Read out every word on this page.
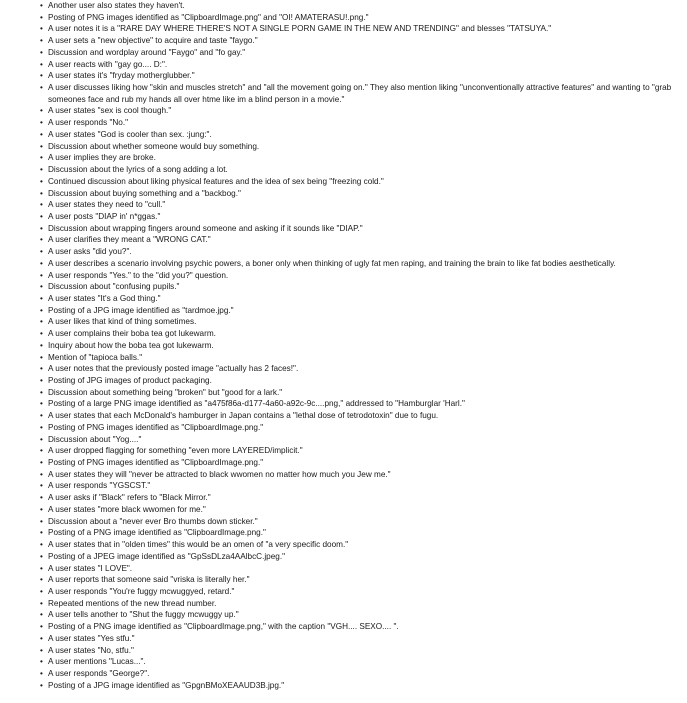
• Another user also states they haven't.
• Posting of PNG images identified as "ClipboardImage.png" and "OI! AMATERASU!.png."
• A user notes it is a "RARE DAY WHERE THERE'S NOT A SINGLE PORN GAME IN THE NEW AND TRENDING" and blesses "TATSUYA."
• A user sets a "new objective" to acquire and taste "faygo."
• Discussion and wordplay around "Faygo" and "fo gay."
• A user reacts with "gay go.... D:".
• A user states it's "fryday motherglubber."
• A user discusses liking how "skin and muscles stretch" and "all the movement going on." They also mention liking "unconventionally attractive features" and wanting to "grab someones face and rub my hands all over htme like im a blind person in a movie."
• A user states "sex is cool though."
• A user responds "No."
• A user states "God is cooler than sex. :jung:".
• Discussion about whether someone would buy something.
• A user implies they are broke.
• Discussion about the lyrics of a song adding a lot.
• Continued discussion about liking physical features and the idea of sex being "freezing cold."
• Discussion about buying something and a "backbog."
• A user states they need to "cull."
• A user posts "DIAP in' n*ggas."
• Discussion about wrapping fingers around someone and asking if it sounds like "DIAP."
• A user clarifies they meant a "WRONG CAT."
• A user asks "did you?".
• A user describes a scenario involving psychic powers, a boner only when thinking of ugly fat men raping, and training the brain to like fat bodies aesthetically.
• A user responds "Yes." to the "did you?" question.
• Discussion about "confusing pupils."
• A user states "It's a God thing."
• Posting of a JPG image identified as "tardmoe.jpg."
• A user likes that kind of thing sometimes.
• A user complains their boba tea got lukewarm.
• Inquiry about how the boba tea got lukewarm.
• Mention of "tapioca balls."
• A user notes that the previously posted image "actually has 2 faces!".
• Posting of JPG images of product packaging.
• Discussion about something being "broken" but "good for a lark."
• Posting of a large PNG image identified as "a475f86a-d177-4a60-a92c-9c....png," addressed to "Hamburglar 'Harl."
• A user states that each McDonald's hamburger in Japan contains a "lethal dose of tetrodotoxin" due to fugu.
• Posting of PNG images identified as "ClipboardImage.png."
• Discussion about "Yog...."
• A user dropped flagging for something "even more LAYERED/implicit."
• Posting of PNG images identified as "ClipboardImage.png."
• A user states they will "never be attracted to black wwomen no matter how much you Jew me."
• A user responds "YGSCST."
• A user asks if "Black" refers to "Black Mirror."
• A user states "more black wwomen for me."
• Discussion about a "never ever Bro thumbs down sticker."
• Posting of a PNG image identified as "ClipboardImage.png."
• A user states that in "olden times" this would be an omen of "a very specific doom."
• Posting of a JPEG image identified as "GpSsDLza4AAlbcC.jpeg."
• A user states "I LOVE".
• A user reports that someone said "vriska is literally her."
• A user responds "You're fuggy mcwuggyed, retard."
• Repeated mentions of the new thread number.
• A user tells another to "Shut the fuggy mcwuggy up."
• Posting of a PNG image identified as "ClipboardImage.png," with the caption "VGH.... SEXO.... ".
• A user states "Yes stfu."
• A user states "No, stfu."
• A user mentions "Lucas...".
• A user responds "George?".
• Posting of a JPG image identified as "GpgnBMoXEAAUD3B.jpg."
